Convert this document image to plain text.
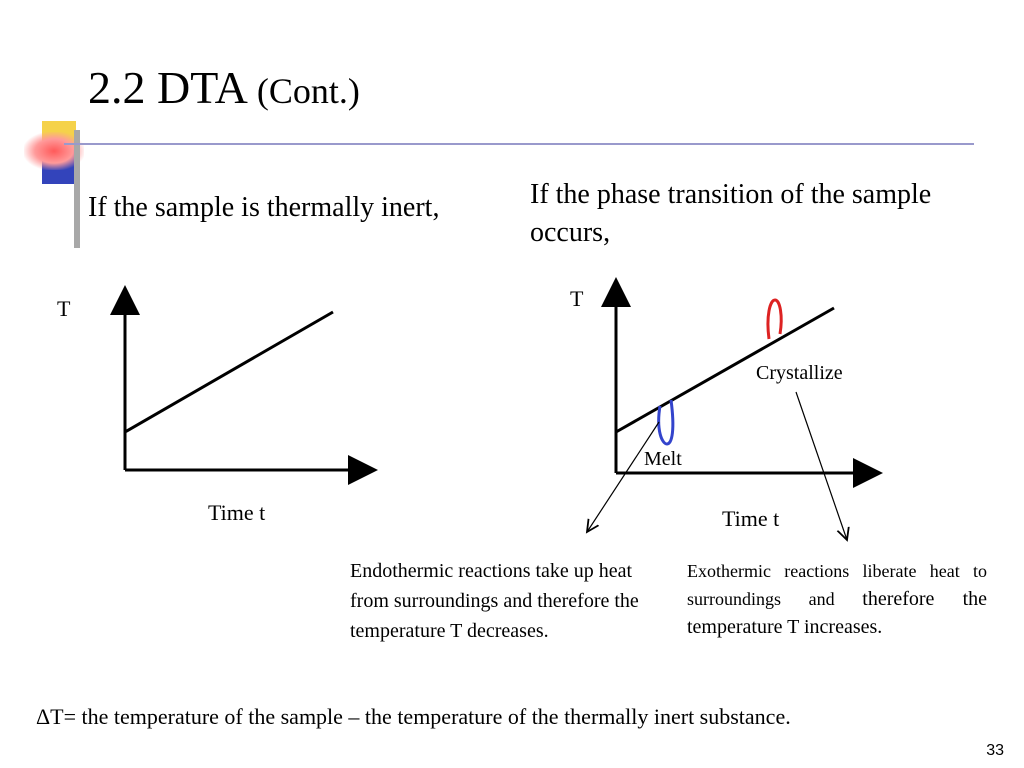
2.2 DTA (Cont.)
If the sample is thermally inert,	If the phase transition of the sample occurs,
T
Time t
T
Time t
Crystallize
Melt
Endothermic reactions take up heat from surroundings and therefore the temperature T decreases.
Exothermic reactions liberate heat to surroundings and therefore the temperature T increases.
ΔT= the temperature of the sample – the temperature of the thermally inert substance.
33
